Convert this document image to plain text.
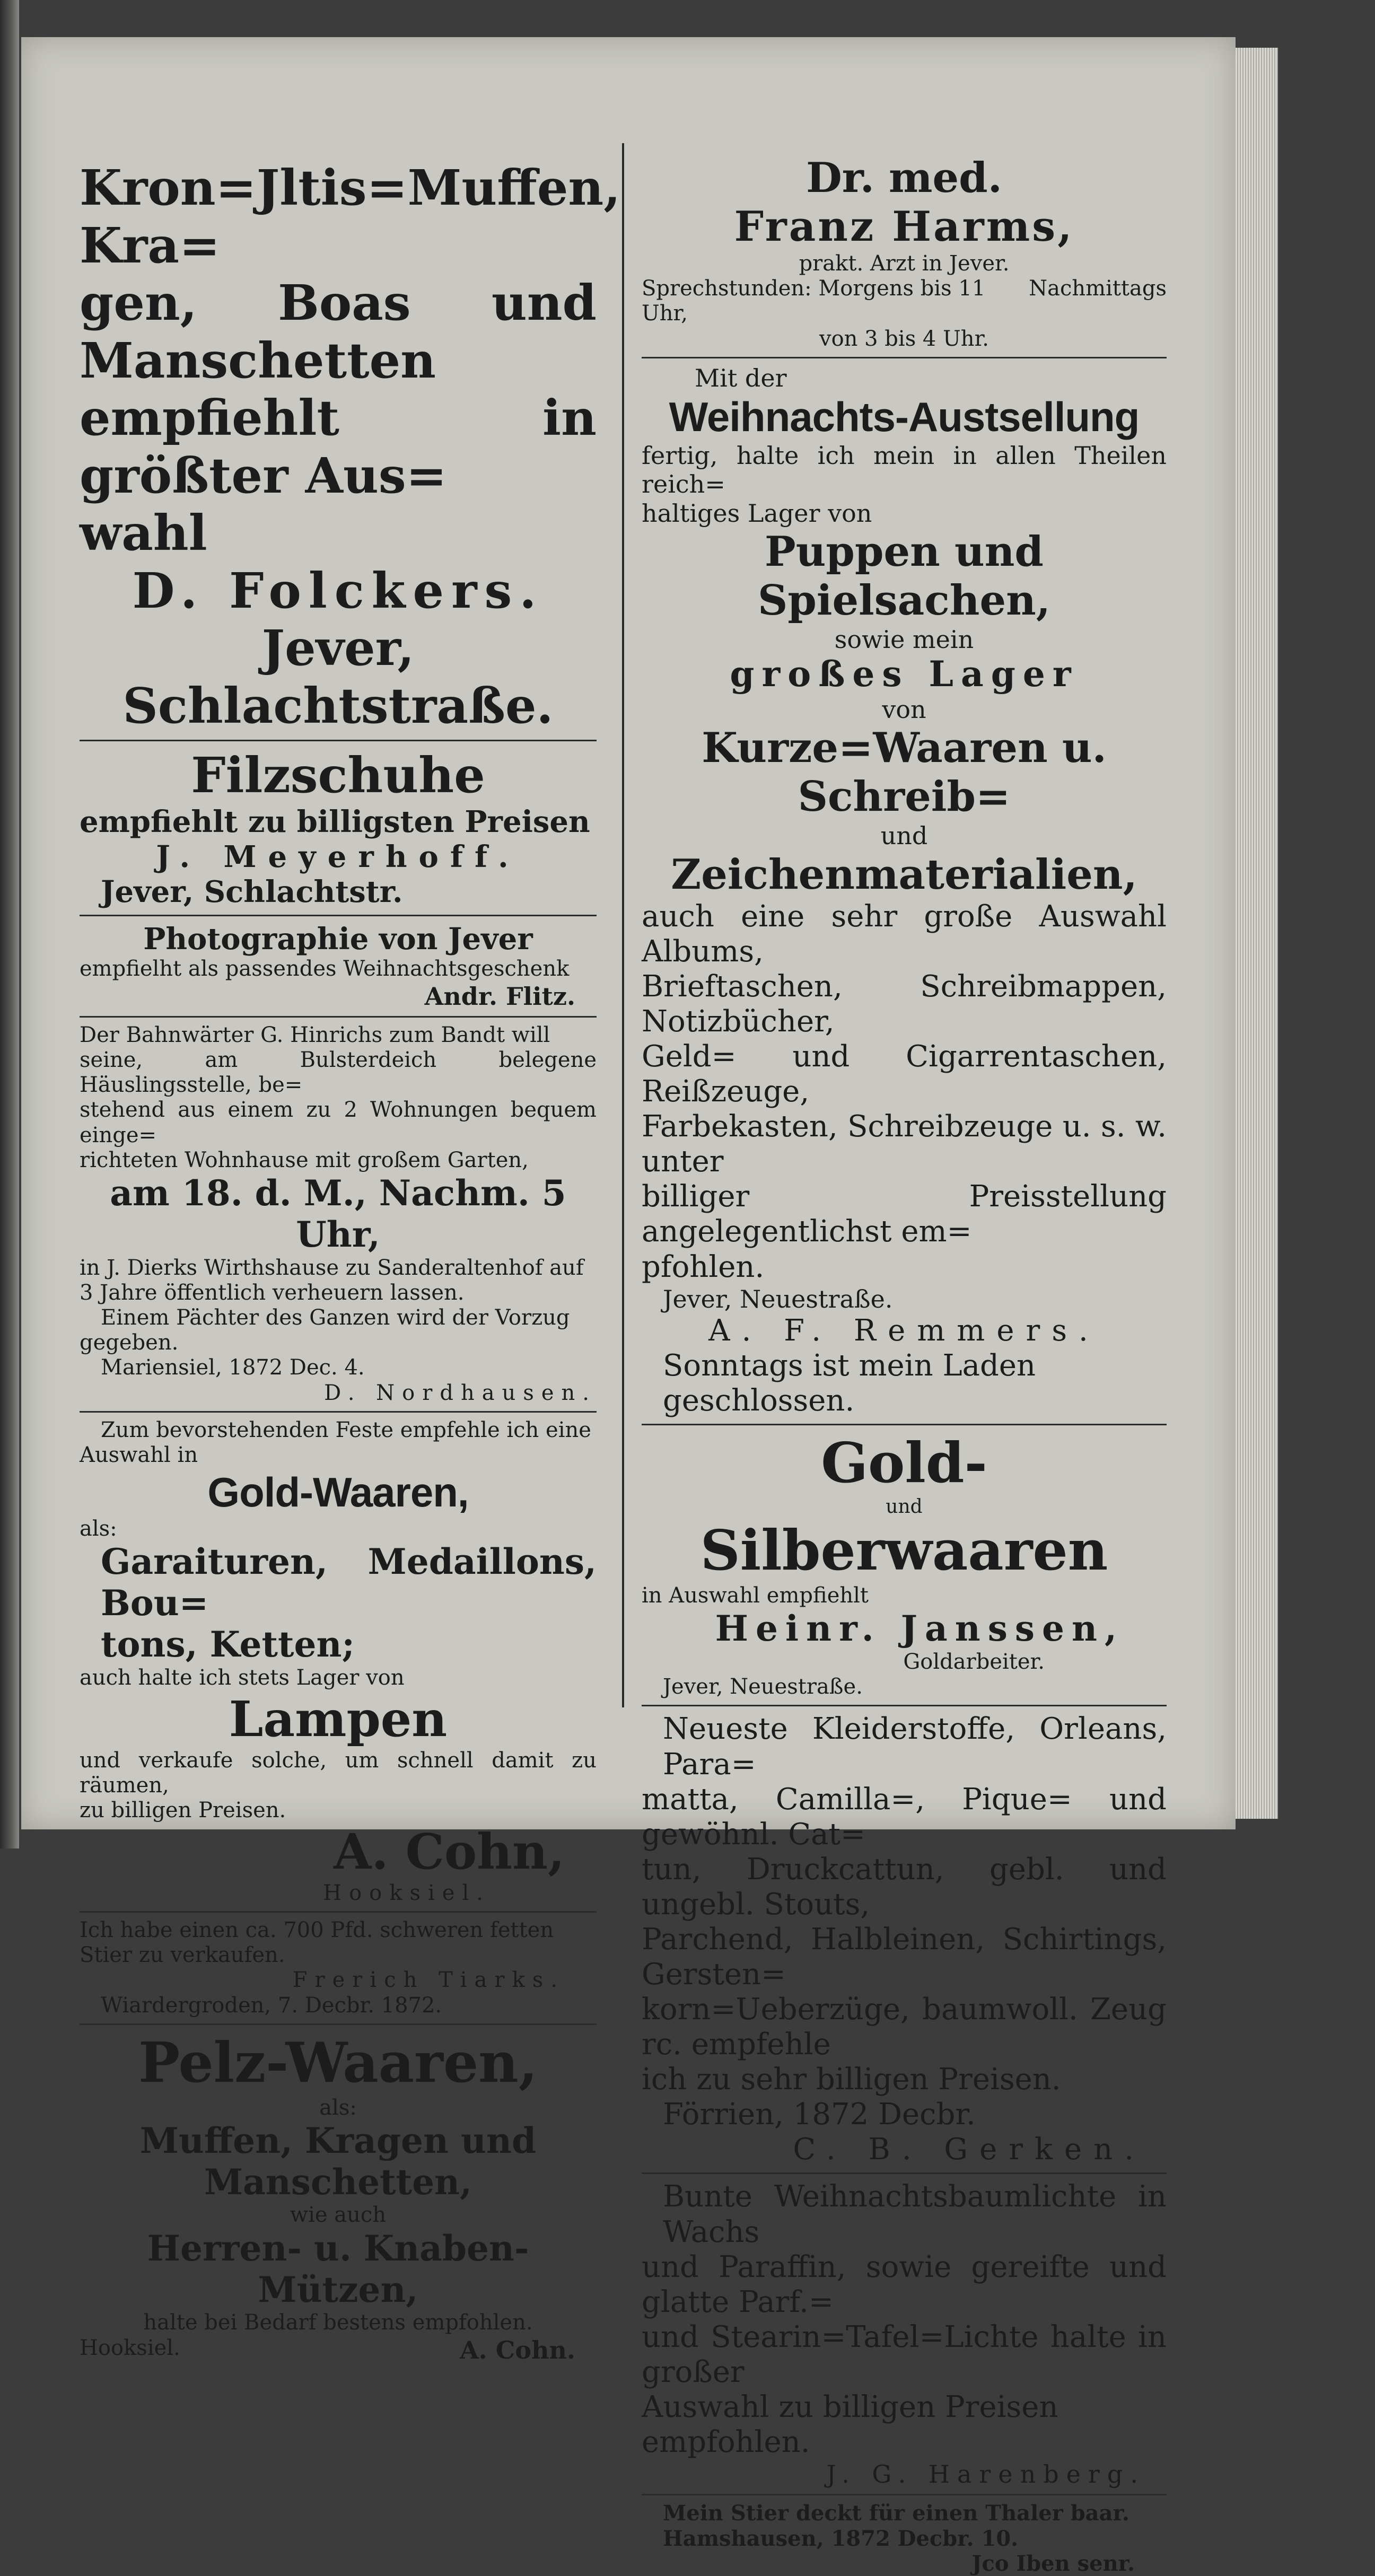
Kron=Jltis=Muffen, Kra=

gen, Boas und Manschetten

empfiehlt in größter Aus=

wahl

D. Folckers.

Jever, Schlachtstraße.

Filzschuhe

empfiehlt zu billigsten Preisen

J. Meyerhoff.

Jever, Schlachtstr.

Photographie von Jever

empfielht als passendes Weihnachtsgeschenk

Andr. Flitz.

Der Bahnwärter G. Hinrichs zum Bandt will

seine, am Bulsterdeich belegene Häuslingsstelle, be=

stehend aus einem zu 2 Wohnungen bequem einge=

richteten Wohnhause mit großem Garten,

am 18. d. M., Nachm. 5 Uhr,

in J. Dierks Wirthshause zu Sanderaltenhof auf

3 Jahre öffentlich verheuern lassen.

Einem Pächter des Ganzen wird der Vorzug

gegeben.

Mariensiel, 1872 Dec. 4.

D. Nordhausen.

Zum bevorstehenden Feste empfehle ich eine

Auswahl in

Gold-Waaren,

als:

Garaituren, Medaillons, Bou=

tons, Ketten;

auch halte ich stets Lager von

Lampen

und verkaufe solche, um schnell damit zu räumen,

zu billigen Preisen.

A. Cohn,

Hooksiel.

Ich habe einen ca. 700 Pfd. schweren fetten

Stier zu verkaufen.

Frerich Tiarks.

Wiardergroden, 7. Decbr. 1872.

Pelz-Waaren,

als:

Muffen, Kragen und Manschetten,

wie auch

Herren- u. Knaben-Mützen,

halte bei Bedarf bestens empfohlen.

Hooksiel.	A. Cohn.

Dr. med.

Franz Harms,

prakt. Arzt in Jever.

Sprechstunden: Morgens bis 11 Uhr,
Nachmittags

von 3 bis 4 Uhr.

Mit der

Weihnachts-Austsellung

fertig, halte ich mein in allen Theilen reich=

haltiges Lager von

Puppen und Spielsachen,

sowie mein

großes Lager

von

Kurze=Waaren u. Schreib=

und

Zeichenmaterialien,

auch eine sehr große Auswahl Albums,

Brieftaschen, Schreibmappen, Notizbücher,

Geld= und Cigarrentaschen, Reißzeuge,

Farbekasten, Schreibzeuge u. s. w. unter

billiger Preisstellung angelegentlichst em=

pfohlen.

Jever, Neuestraße.

A. F. Remmers.

Sonntags ist mein Laden geschlossen.

Gold-

und

Silberwaaren

in Auswahl empfiehlt

Heinr. Janssen,

Goldarbeiter.

Jever, Neuestraße.

Neueste Kleiderstoffe, Orleans, Para=

matta, Camilla=, Pique= und gewöhnl. Cat=

tun, Druckcattun, gebl. und ungebl. Stouts,

Parchend, Halbleinen, Schirtings, Gersten=

korn=Ueberzüge, baumwoll. Zeug rc. empfehle

ich zu sehr billigen Preisen.

Förrien, 1872 Decbr.

C. B. Gerken.

Bunte Weihnachtsbaumlichte in Wachs

und Paraffin, sowie gereifte und glatte Parf.=

und Stearin=Tafel=Lichte halte in großer

Auswahl zu billigen Preisen empfohlen.

J. G. Harenberg.

Mein Stier deckt für einen Thaler baar.

Hamshausen, 1872 Decbr. 10.

Jco Iben senr.
